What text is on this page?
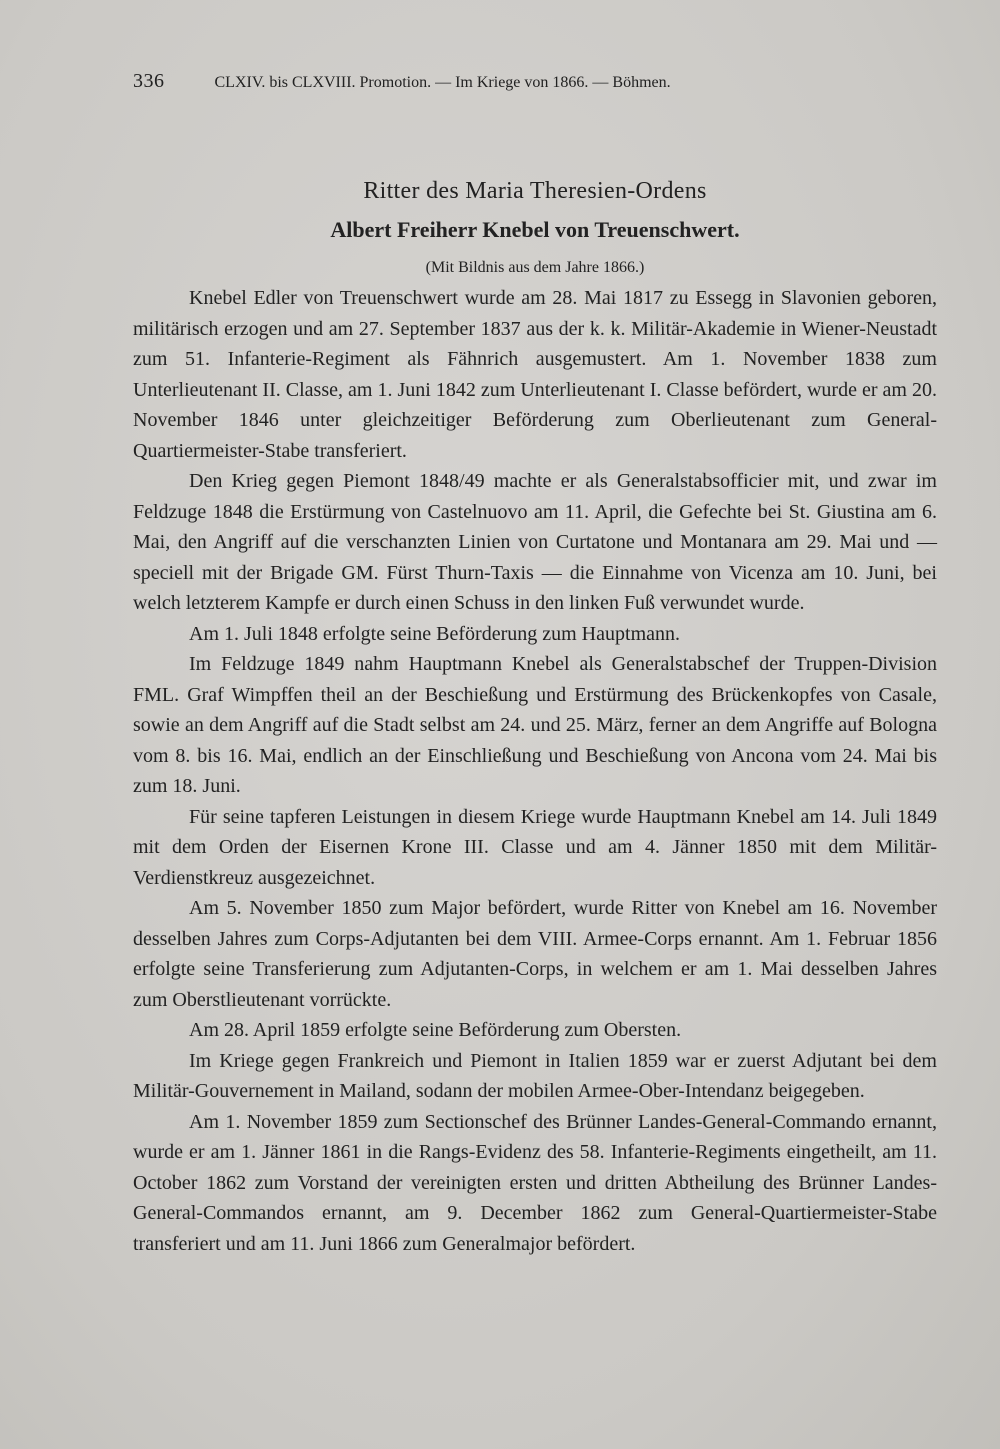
336	CLXIV. bis CLXVIII. Promotion. — Im Kriege von 1866. — Böhmen.
Ritter des Maria Theresien-Ordens
Albert Freiherr Knebel von Treuenschwert.
(Mit Bildnis aus dem Jahre 1866.)

Knebel Edler von Treuenschwert wurde am 28. Mai 1817 zu Essegg in Slavonien geboren, militärisch erzogen und am 27. September 1837 aus der k. k. Militär-Akademie in Wiener-Neustadt zum 51. Infanterie-Regiment als Fähnrich ausgemustert. Am 1. November 1838 zum Unterlieutenant II. Classe, am 1. Juni 1842 zum Unterlieutenant I. Classe befördert, wurde er am 20. November 1846 unter gleichzeitiger Beförderung zum Oberlieutenant zum General-Quartiermeister-Stabe transferiert.

Den Krieg gegen Piemont 1848/49 machte er als Generalstabsofficier mit, und zwar im Feldzuge 1848 die Erstürmung von Castelnuovo am 11. April, die Gefechte bei St. Giustina am 6. Mai, den Angriff auf die verschanzten Linien von Curtatone und Montanara am 29. Mai und — speciell mit der Brigade GM. Fürst Thurn-Taxis — die Einnahme von Vicenza am 10. Juni, bei welch letzterem Kampfe er durch einen Schuss in den linken Fuß verwundet wurde.

Am 1. Juli 1848 erfolgte seine Beförderung zum Hauptmann.

Im Feldzuge 1849 nahm Hauptmann Knebel als Generalstabschef der Truppen-Division FML. Graf Wimpffen theil an der Beschießung und Erstürmung des Brückenkopfes von Casale, sowie an dem Angriff auf die Stadt selbst am 24. und 25. März, ferner an dem Angriffe auf Bologna vom 8. bis 16. Mai, endlich an der Einschließung und Beschießung von Ancona vom 24. Mai bis zum 18. Juni.

Für seine tapferen Leistungen in diesem Kriege wurde Hauptmann Knebel am 14. Juli 1849 mit dem Orden der Eisernen Krone III. Classe und am 4. Jänner 1850 mit dem Militär-Verdienstkreuz ausgezeichnet.

Am 5. November 1850 zum Major befördert, wurde Ritter von Knebel am 16. November desselben Jahres zum Corps-Adjutanten bei dem VIII. Armee-Corps ernannt. Am 1. Februar 1856 erfolgte seine Transferierung zum Adjutanten-Corps, in welchem er am 1. Mai desselben Jahres zum Oberstlieutenant vorrückte.

Am 28. April 1859 erfolgte seine Beförderung zum Obersten.

Im Kriege gegen Frankreich und Piemont in Italien 1859 war er zuerst Adjutant bei dem Militär-Gouvernement in Mailand, sodann der mobilen Armee-Ober-Intendanz beigegeben.

Am 1. November 1859 zum Sectionschef des Brünner Landes-General-Commando ernannt, wurde er am 1. Jänner 1861 in die Rangs-Evidenz des 58. Infanterie-Regiments eingetheilt, am 11. October 1862 zum Vorstand der vereinigten ersten und dritten Abtheilung des Brünner Landes-General-Commandos ernannt, am 9. December 1862 zum General-Quartiermeister-Stabe transferiert und am 11. Juni 1866 zum Generalmajor befördert.
